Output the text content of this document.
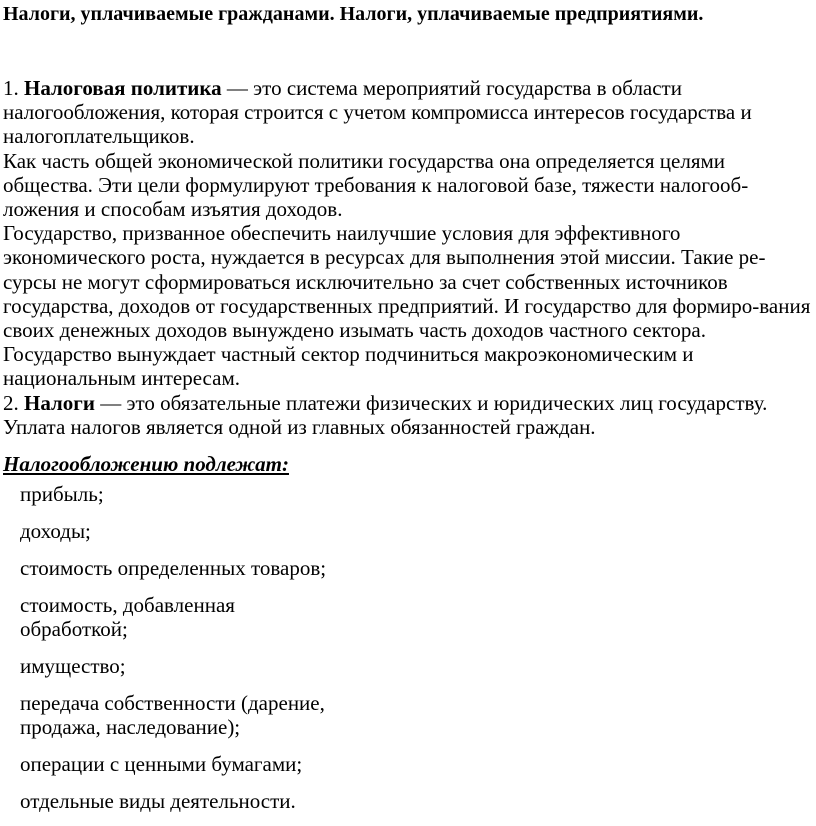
Налоги, уплачиваемые гражданами. Налоги, уплачиваемые предприятиями.

1. Налоговая политика — это система мероприятий государства в области налогообложения, которая строится с учетом компромисса интересов государства и налогоплательщиков.

Как часть общей экономической политики государства она определяется целями общества. Эти цели формулируют требования к налоговой базе, тяжести налогооб-ложения и способам изъятия доходов.

Государство, призванное обеспечить наилучшие условия для эффективного экономического роста, нуждается в ресурсах для выполнения этой миссии. Такие ре-сурсы не могут сформироваться исключительно за счет собственных источников государства, доходов от государственных предприятий. И государство для формиро-вания своих денежных доходов вынуждено изымать часть доходов частного сектора. Государство вынуждает частный сектор подчиниться макроэкономическим и национальным интересам.

2. Налоги — это обязательные платежи физических и юридических лиц государству.

Уплата налогов является одной из главных обязанностей граждан.

Налогообложению подлежат:
прибыль;
доходы;
стоимость определенных товаров;
стоимость, добавленная обработкой;
имущество;
передача собственности (дарение, продажа, наследование);
операции с ценными бумагами;
отдельные виды деятельности.
